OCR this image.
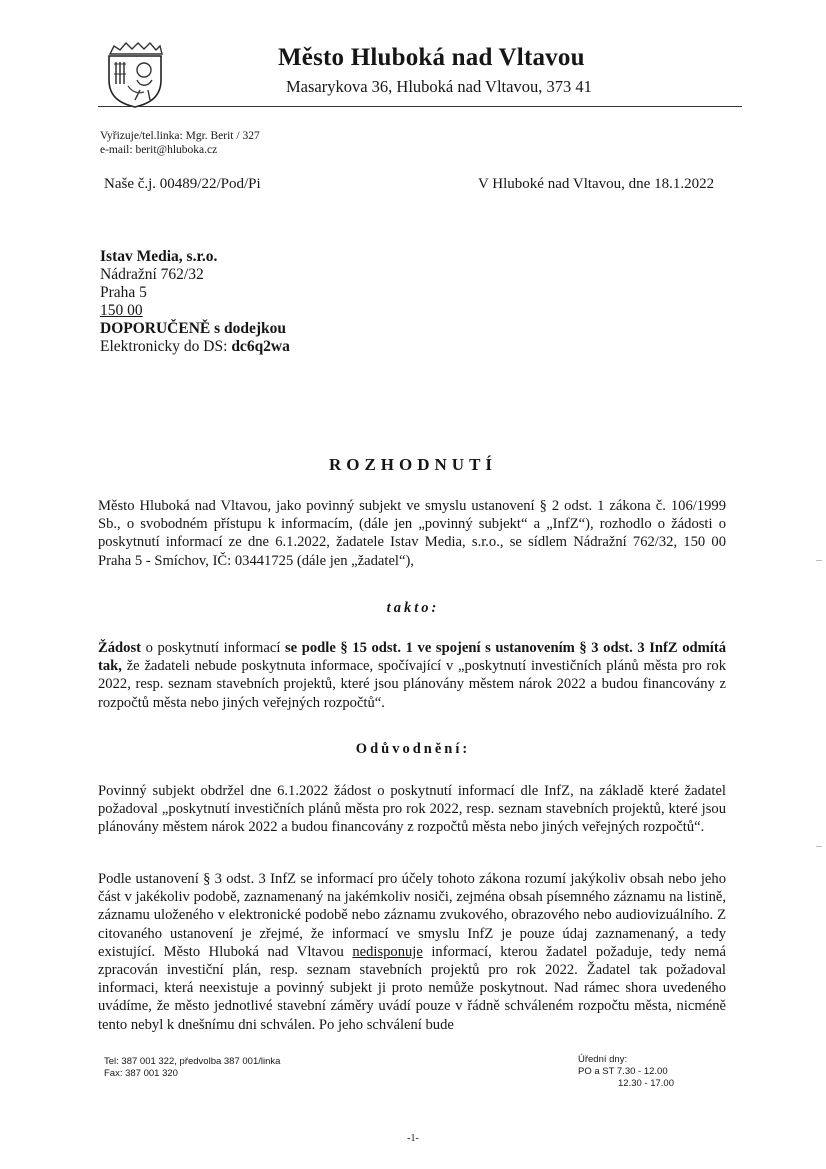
Město Hluboká nad Vltavou
Masarykova 36, Hluboká nad Vltavou, 373 41
Vyřizuje/tel.linka: Mgr. Berit / 327
e-mail: berit@hluboka.cz
Naše č.j. 00489/22/Pod/Pi	V Hluboké nad Vltavou, dne 18.1.2022
Istav Media, s.r.o.
Nádražní 762/32
Praha 5
150 00
DOPORUČENĚ s dodejkou
Elektronicky do DS: dc6q2wa
ROZHODNUTÍ
Město Hluboká nad Vltavou, jako povinný subjekt ve smyslu ustanovení § 2 odst. 1 zákona č. 106/1999 Sb., o svobodném přístupu k informacím, (dále jen „povinný subjekt“ a „InfZ“), rozhodlo o žádosti o poskytnutí informací ze dne 6.1.2022, žadatele Istav Media, s.r.o., se sídlem Nádražní 762/32, 150 00 Praha 5 - Smíchov, IČ: 03441725 (dále jen „žadatel“),
takto:
Žádost o poskytnutí informací se podle § 15 odst. 1 ve spojení s ustanovením § 3 odst. 3 InfZ odmítá tak, že žadateli nebude poskytnuta informace, spočívající v „poskytnutí investičních plánů města pro rok 2022, resp. seznam stavebních projektů, které jsou plánovány městem nárok 2022 a budou financovány z rozpočtů města nebo jiných veřejných rozpočtů“.
Odůvodnění:
Povinný subjekt obdržel dne 6.1.2022 žádost o poskytnutí informací dle InfZ, na základě které žadatel požadoval „poskytnutí investičních plánů města pro rok 2022, resp. seznam stavebních projektů, které jsou plánovány městem nárok 2022 a budou financovány z rozpočtů města nebo jiných veřejných rozpočtů“.
Podle ustanovení § 3 odst. 3 InfZ se informací pro účely tohoto zákona rozumí jakýkoliv obsah nebo jeho část v jakékoliv podobě, zaznamenaný na jakémkoliv nosiči, zejména obsah písemného záznamu na listině, záznamu uloženého v elektronické podobě nebo záznamu zvukového, obrazového nebo audiovizuálního. Z citovaného ustanovení je zřejmé, že informací ve smyslu InfZ je pouze údaj zaznamenaný, a tedy existující. Město Hluboká nad Vltavou nedisponuje informací, kterou žadatel požaduje, tedy nemá zpracován investiční plán, resp. seznam stavebních projektů pro rok 2022. Žadatel tak požadoval informaci, která neexistuje a povinný subjekt ji proto nemůže poskytnout. Nad rámec shora uvedeného uvádíme, že město jednotlivé stavební záměry uvádí pouze v řádně schváleném rozpočtu města, nicméně tento nebyl k dnešnímu dni schválen. Po jeho schválení bude
Tel: 387 001 322, předvolba 387 001/linka
Fax: 387 001 320
Úřední dny:
PO a ST 7.30 - 12.00
12.30 - 17.00
-1-
